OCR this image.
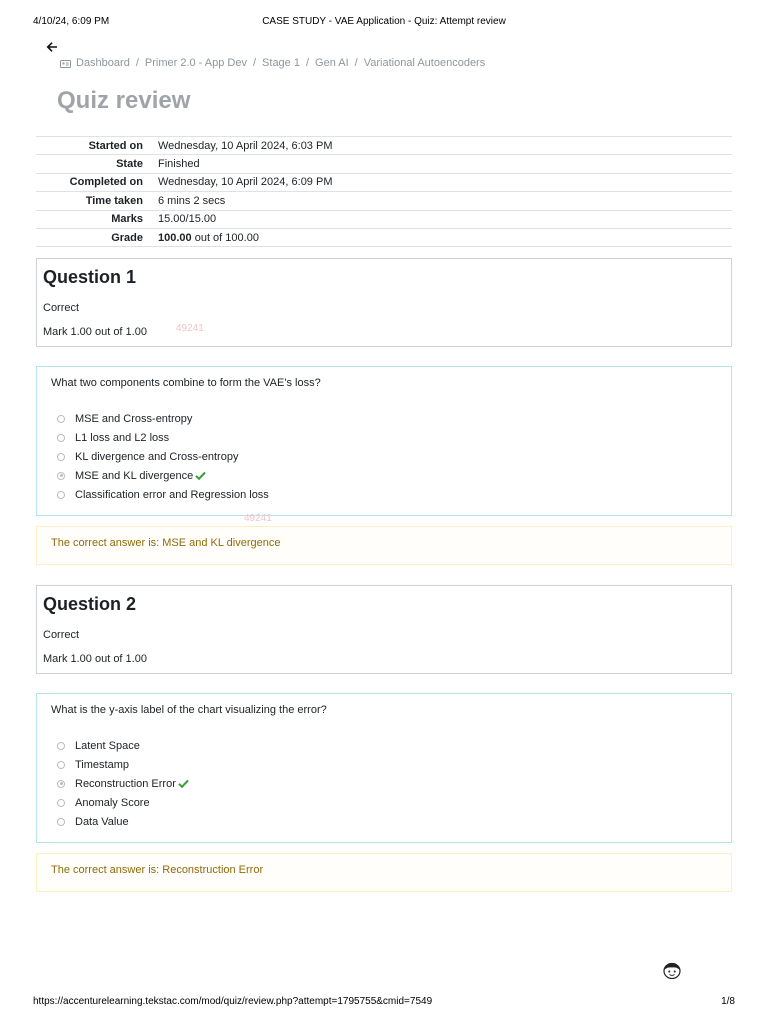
4/10/24, 6:09 PM	CASE STUDY - VAE Application - Quiz: Attempt review
Dashboard / Primer 2.0 - App Dev / Stage 1 / Gen AI / Variational Autoencoders
Quiz review
Started on	Wednesday, 10 April 2024, 6:03 PM
State	Finished
Completed on	Wednesday, 10 April 2024, 6:09 PM
Time taken	6 mins 2 secs
Marks	15.00/15.00
Grade	100.00 out of 100.00
Question 1
Correct
Mark 1.00 out of 1.00	49241
What two components combine to form the VAE's loss?
MSE and Cross-entropy
L1 loss and L2 loss
KL divergence and Cross-entropy
MSE and KL divergence
Classification error and Regression loss
49241
The correct answer is: MSE and KL divergence
Question 2
Correct
Mark 1.00 out of 1.00
What is the y-axis label of the chart visualizing the error?
Latent Space
Timestamp
Reconstruction Error
Anomaly Score
Data Value
The correct answer is: Reconstruction Error
https://accenturelearning.tekstac.com/mod/quiz/review.php?attempt=1795755&cmid=7549	1/8
